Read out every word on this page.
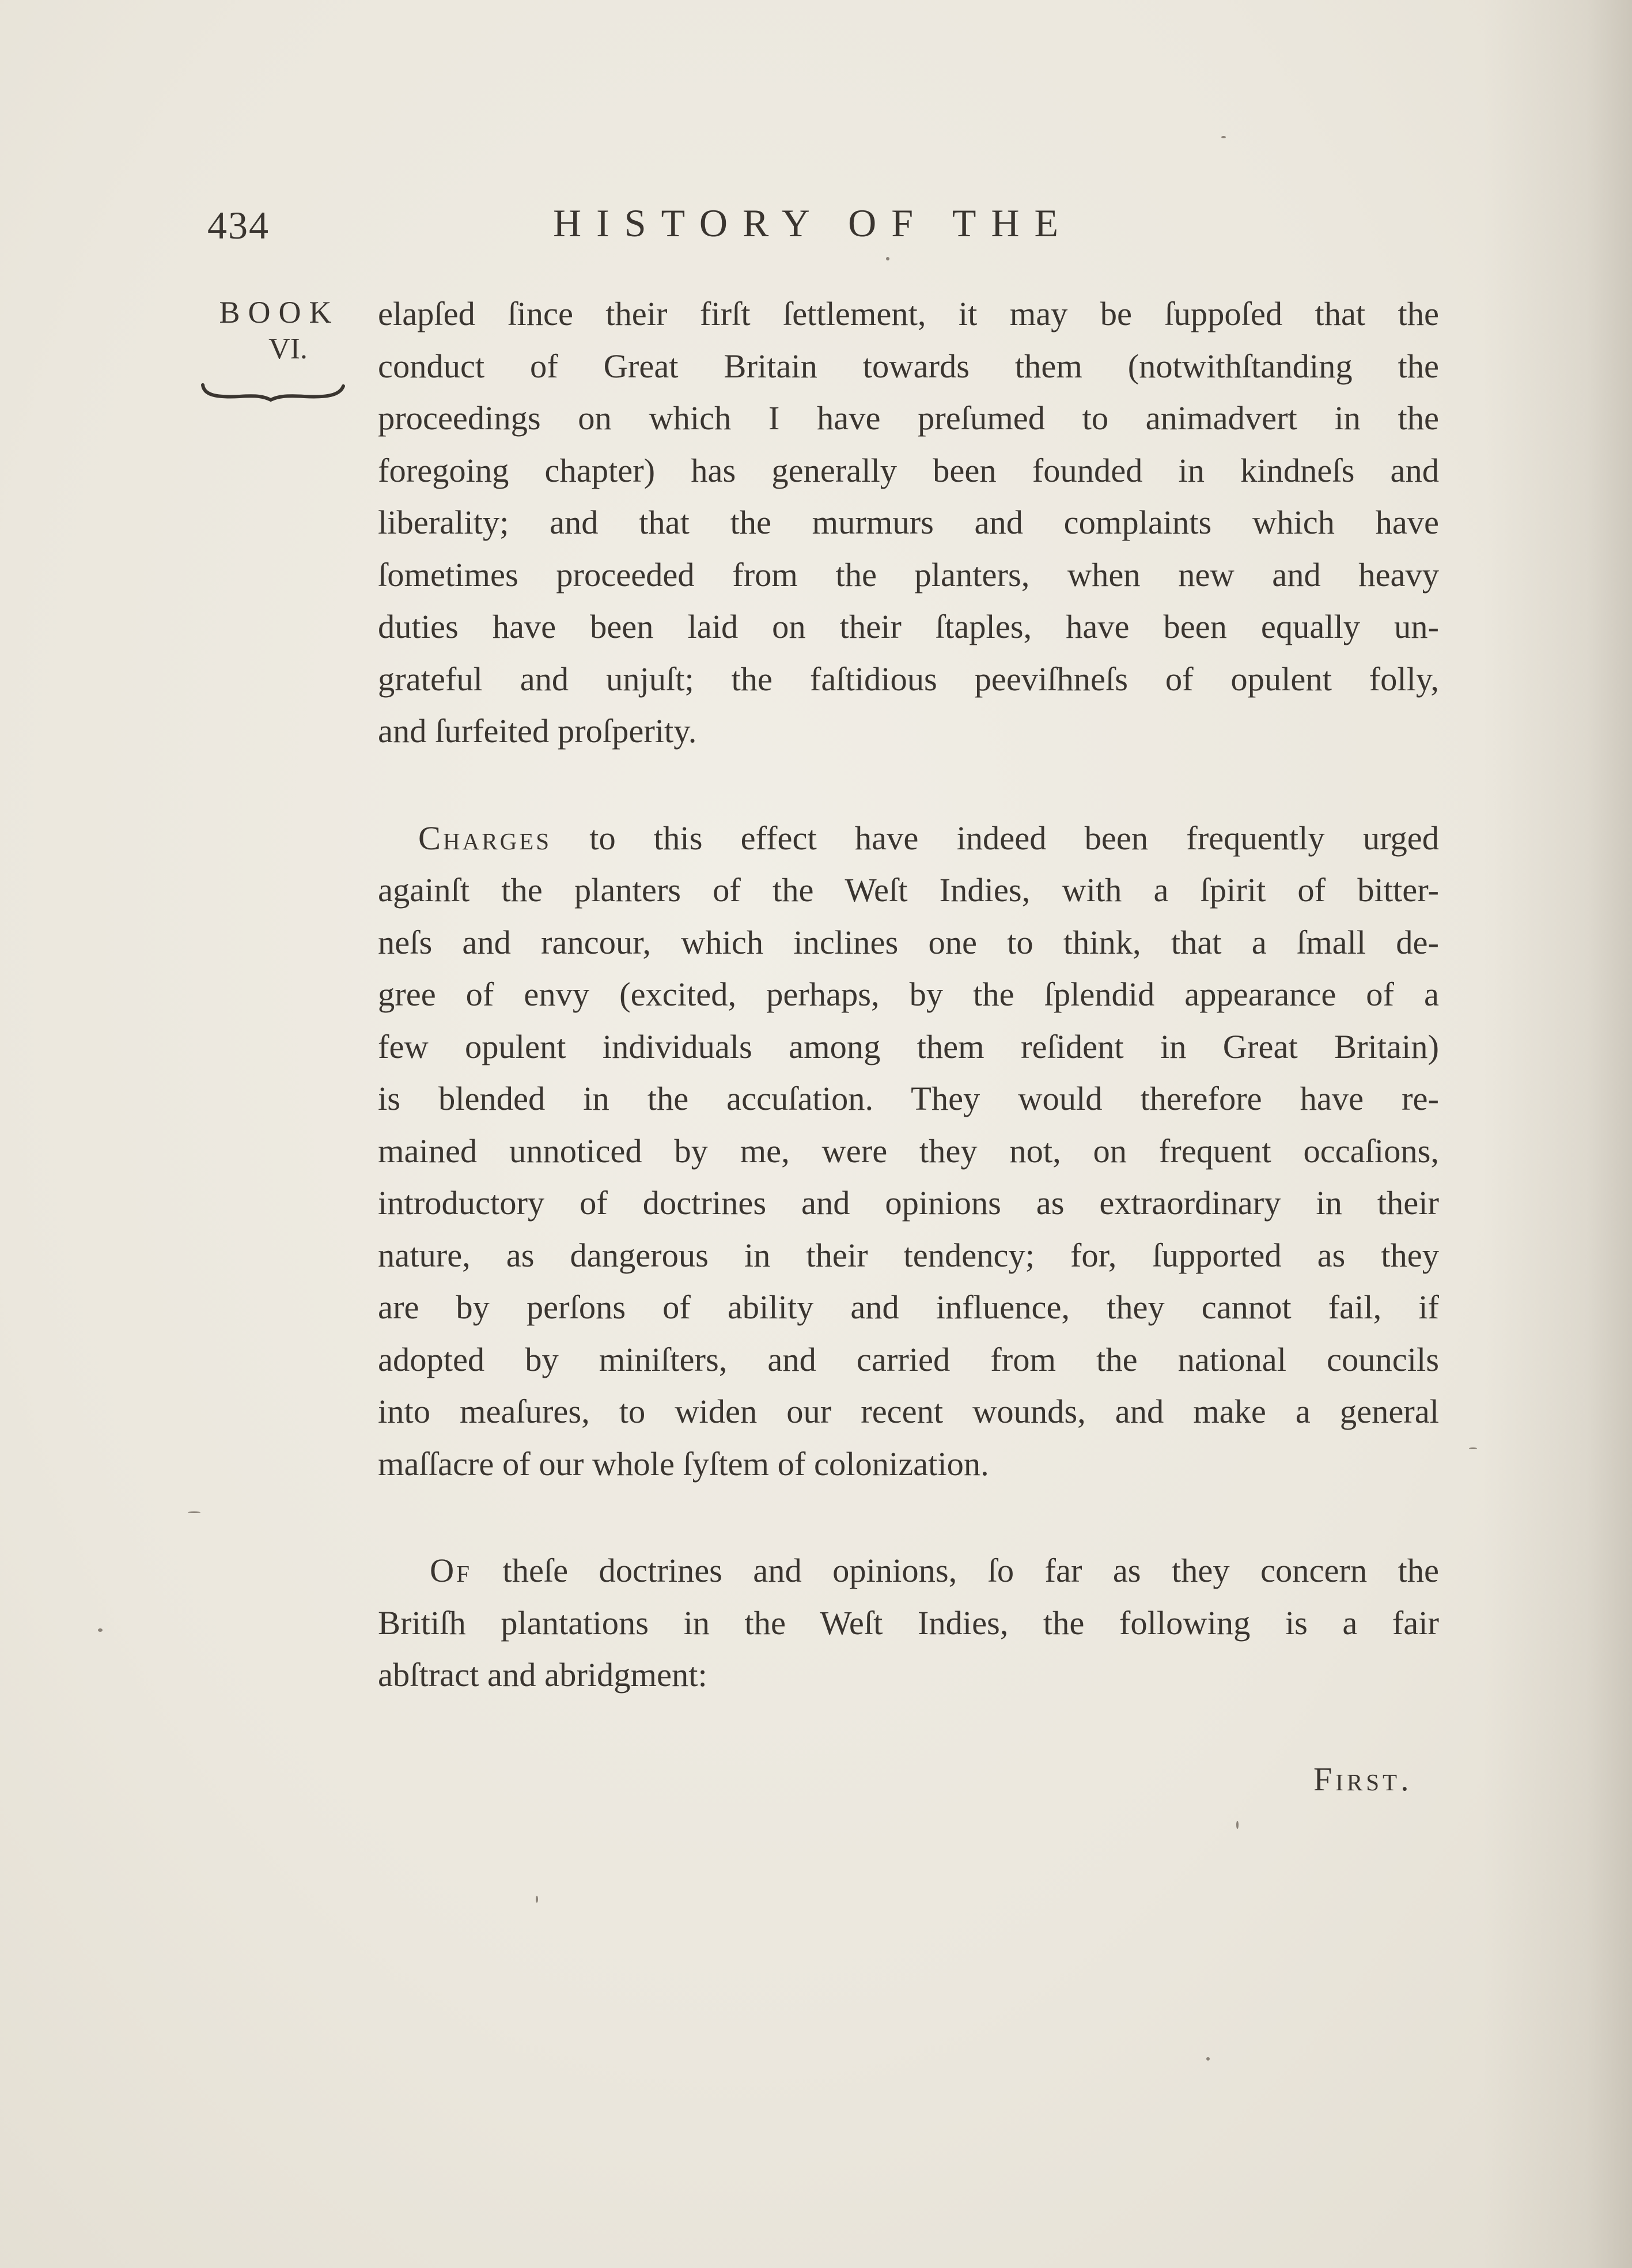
434	HISTORY OF THE
BOOK
VI.
elapſed ſince their firſt ſettlement, it may be ſuppoſed that the
conduct of Great Britain towards them (notwithſtanding the
proceedings on which I have preſumed to animadvert in the
foregoing chapter) has generally been founded in kindneſs and
liberality; and that the murmurs and complaints which have
ſometimes proceeded from the planters, when new and heavy
duties have been laid on their ſtaples, have been equally un-
grateful and unjuſt; the faſtidious peeviſhneſs of opulent folly,
and ſurfeited proſperity.
Charges to this effect have indeed been frequently urged
againſt the planters of the Weſt Indies, with a ſpirit of bitter-
neſs and rancour, which inclines one to think, that a ſmall de-
gree of envy (excited, perhaps, by the ſplendid appearance of a
few opulent individuals among them reſident in Great Britain)
is blended in the accuſation. They would therefore have re-
mained unnoticed by me, were they not, on frequent occaſions,
introductory of doctrines and opinions as extraordinary in their
nature, as dangerous in their tendency; for, ſupported as they
are by perſons of ability and influence, they cannot fail, if
adopted by miniſters, and carried from the national councils
into meaſures, to widen our recent wounds, and make a general
maſſacre of our whole ſyſtem of colonization.
Of theſe doctrines and opinions, ſo far as they concern the
Britiſh plantations in the Weſt Indies, the following is a fair
abſtract and abridgment:
First.
